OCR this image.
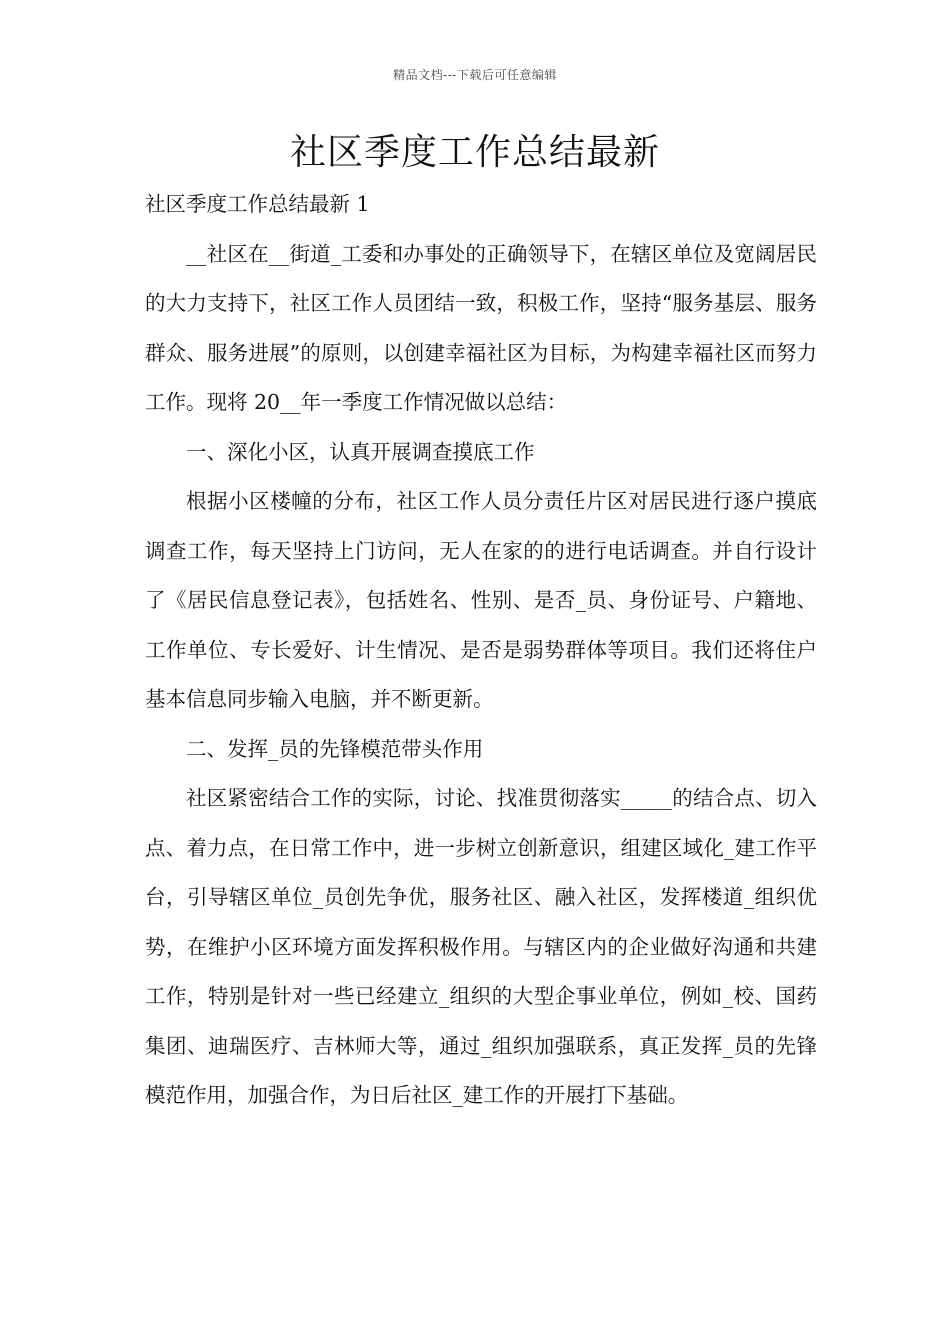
精品文档---下载后可任意编辑
社区季度工作总结最新

社区季度工作总结最新 1

__社区在__街道_工委和办事处的正确领导下，在辖区单位及宽阔居民的大力支持下，社区工作人员团结一致，积极工作，坚持“服务基层、服务群众、服务进展”的原则，以创建幸福社区为目标，为构建幸福社区而努力工作。现将 20__年一季度工作情况做以总结：

一、深化小区，认真开展调查摸底工作

根据小区楼幢的分布，社区工作人员分责任片区对居民进行逐户摸底调查工作，每天坚持上门访问，无人在家的的进行电话调查。并自行设计了《居民信息登记表》，包括姓名、性别、是否_员、身份证号、户籍地、工作单位、专长爱好、计生情况、是否是弱势群体等项目。我们还将住户基本信息同步输入电脑，并不断更新。

二、发挥_员的先锋模范带头作用

社区紧密结合工作的实际，讨论、找准贯彻落实_____的结合点、切入点、着力点，在日常工作中，进一步树立创新意识，组建区域化_建工作平台，引导辖区单位_员创先争优，服务社区、融入社区，发挥楼道_组织优势，在维护小区环境方面发挥积极作用。与辖区内的企业做好沟通和共建工作，特别是针对一些已经建立_组织的大型企事业单位，例如_校、国药集团、迪瑞医疗、吉林师大等，通过_组织加强联系，真正发挥_员的先锋模范作用，加强合作，为日后社区_建工作的开展打下基础。
